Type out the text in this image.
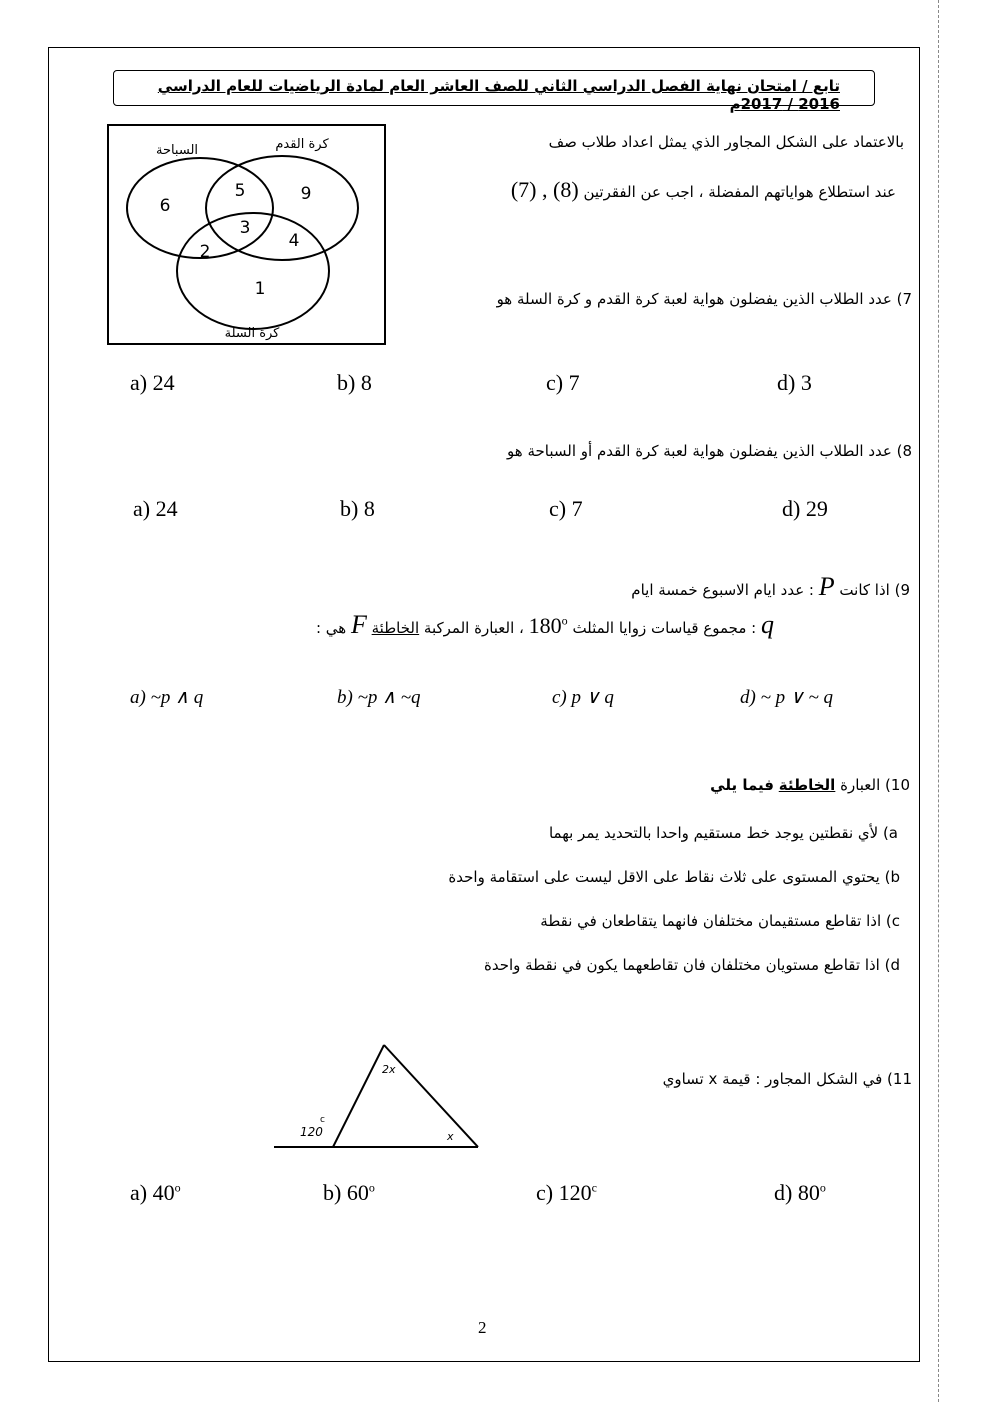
تابع / امتحان نهاية الفصل الدراسي الثاني للصف العاشر العام لمادة الرياضيات للعام الدراسي 2016 / 2017م
السباحة	كرة القدم
كرة السلة
6
5	9
3
2
4
1
بالاعتماد على الشكل المجاور الذي يمثل اعداد طلاب صف
عند استطلاع هواياتهم المفضلة ، اجب عن الفقرتين (7) , (8)
7) عدد الطلاب الذين يفضلون هواية لعبة كرة القدم و كرة السلة هو
a) 24	b) 8	c) 7	d) 3
8) عدد الطلاب الذين يفضلون هواية لعبة كرة القدم أو السباحة هو
a) 24	b) 8	c) 7	d) 29
9) اذا كانت P : عدد ايام الاسبوع خمسة ايام
q : مجموع قياسات زوايا المثلث 180$^o$ ، العبارة المركبة الخاطئة F هي :
a) ~p ∧ q	b) ~p ∧ ~q	c) p ∨ q	d) ~ p ∨ ~ q
10) العبارة الخاطئة فيما يلي
a) لأي نقطتين يوجد خط مستقيم واحدا بالتحديد يمر بهما
b) يحتوي المستوى على ثلاث نقاط على الاقل ليست على استقامة واحدة
c) اذا تقاطع مستقيمان مختلفان فانهما يتقاطعان في نقطة
d) اذا تقاطع مستويان مختلفان فان تقاطعهما يكون في نقطة واحدة
11) في الشكل المجاور : قيمة x تساوي
2x
120
c
x
a) 40$^o$	b) 60$^o$	c) 120$^c$	d) 80$^o$
2
